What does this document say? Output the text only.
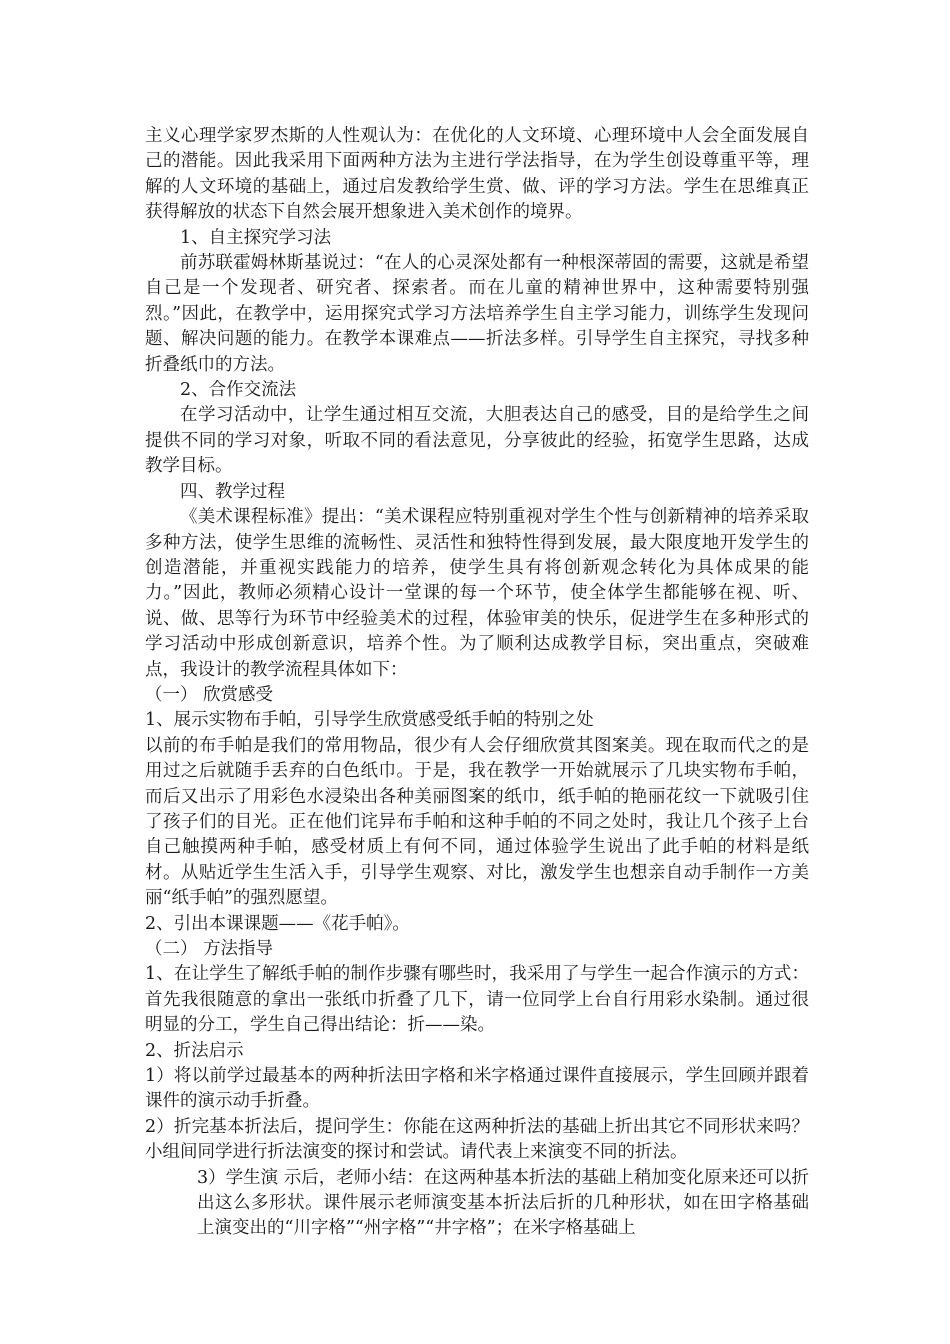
主义心理学家罗杰斯的人性观认为：在优化的人文环境、心理环境中人会全面发展自己的潜能。因此我采用下面两种方法为主进行学法指导，在为学生创设尊重平等，理解的人文环境的基础上，通过启发教给学生赏、做、评的学习方法。学生在思维真正获得解放的状态下自然会展开想象进入美术创作的境界。

1、自主探究学习法

前苏联霍姆林斯基说过：“在人的心灵深处都有一种根深蒂固的需要，这就是希望自己是一个发现者、研究者、探索者。而在儿童的精神世界中，这种需要特别强烈。”因此，在教学中，运用探究式学习方法培养学生自主学习能力，训练学生发现问题、解决问题的能力。在教学本课难点——折法多样。引导学生自主探究，寻找多种折叠纸巾的方法。

2、合作交流法

在学习活动中，让学生通过相互交流，大胆表达自己的感受，目的是给学生之间提供不同的学习对象，听取不同的看法意见，分享彼此的经验，拓宽学生思路，达成教学目标。

四、教学过程

《美术课程标准》提出：“美术课程应特别重视对学生个性与创新精神的培养采取多种方法，使学生思维的流畅性、灵活性和独特性得到发展，最大限度地开发学生的创造潜能，并重视实践能力的培养，使学生具有将创新观念转化为具体成果的能力。”因此，教师必须精心设计一堂课的每一个环节，使全体学生都能够在视、听、说、做、思等行为环节中经验美术的过程，体验审美的快乐，促进学生在多种形式的学习活动中形成创新意识，培养个性。为了顺利达成教学目标，突出重点，突破难点，我设计的教学流程具体如下：

（一） 欣赏感受

1、展示实物布手帕，引导学生欣赏感受纸手帕的特别之处

以前的布手帕是我们的常用物品，很少有人会仔细欣赏其图案美。现在取而代之的是用过之后就随手丢弃的白色纸巾。于是，我在教学一开始就展示了几块实物布手帕，而后又出示了用彩色水浸染出各种美丽图案的纸巾，纸手帕的艳丽花纹一下就吸引住了孩子们的目光。正在他们诧异布手帕和这种手帕的不同之处时，我让几个孩子上台自己触摸两种手帕，感受材质上有何不同，通过体验学生说出了此手帕的材料是纸材。从贴近学生生活入手，引导学生观察、对比，激发学生也想亲自动手制作一方美丽“纸手帕”的强烈愿望。

2、引出本课课题——《花手帕》。

（二） 方法指导

1、在让学生了解纸手帕的制作步骤有哪些时，我采用了与学生一起合作演示的方式：首先我很随意的拿出一张纸巾折叠了几下，请一位同学上台自行用彩水染制。通过很明显的分工，学生自己得出结论：折——染。

2、折法启示

1）将以前学过最基本的两种折法田字格和米字格通过课件直接展示，学生回顾并跟着课件的演示动手折叠。

2）折完基本折法后，提问学生：你能在这两种折法的基础上折出其它不同形状来吗？小组间同学进行折法演变的探讨和尝试。请代表上来演变不同的折法。

3）学生演 示后，老师小结：在这两种基本折法的基础上稍加变化原来还可以折出这么多形状。课件展示老师演变基本折法后折的几种形状，如在田字格基础上演变出的“川字格”“州字格”“井字格”；在米字格基础上
